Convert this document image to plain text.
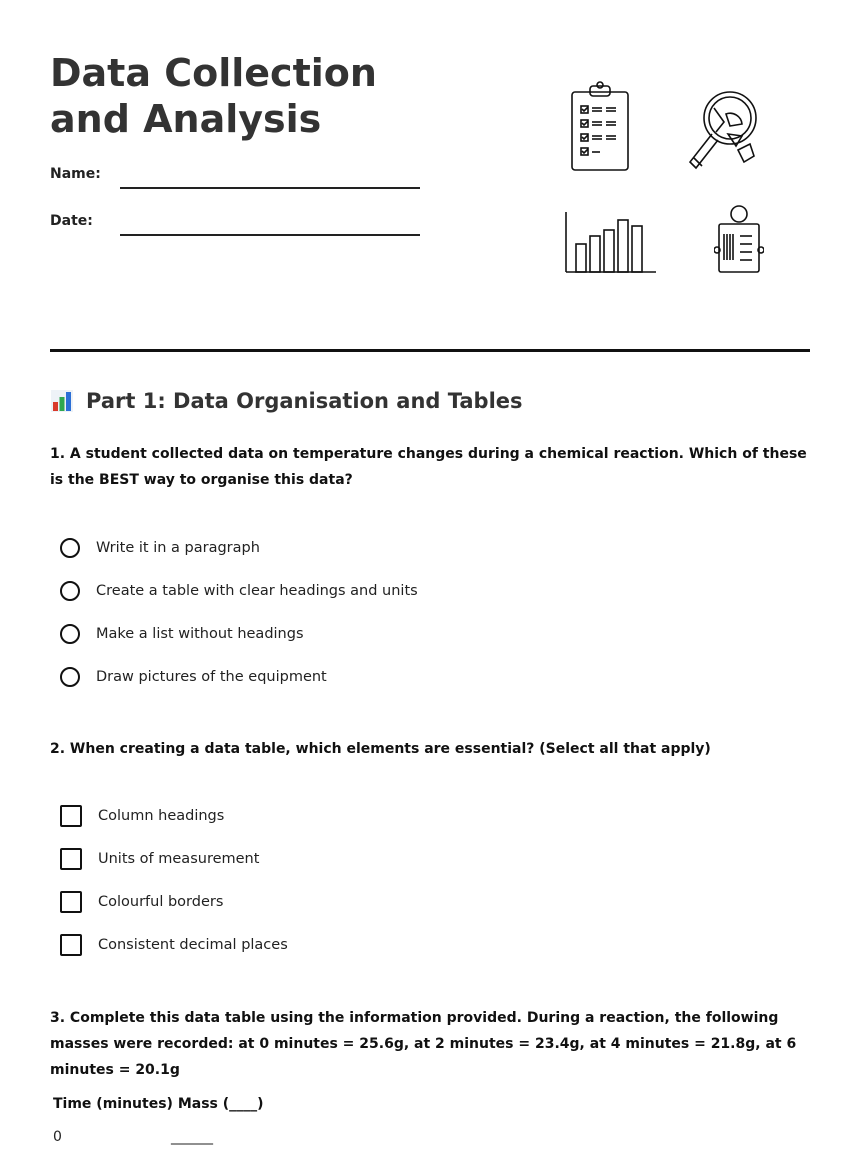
Data Collection and Analysis
Name:
Date:
Part 1: Data Organisation and Tables

1. A student collected data on temperature changes during a chemical reaction. Which of these is the BEST way to organise this data?

Write it in a paragraph
Create a table with clear headings and units
Make a list without headings
Draw pictures of the equipment

2. When creating a data table, which elements are essential? (Select all that apply)

Column headings
Units of measurement
Colourful borders
Consistent decimal places

3. Complete this data table using the information provided. During a reaction, the following masses were recorded: at 0 minutes = 25.6g, at 2 minutes = 23.4g, at 4 minutes = 21.8g, at 6 minutes = 20.1g

Time (minutes) Mass (____)
0	______
